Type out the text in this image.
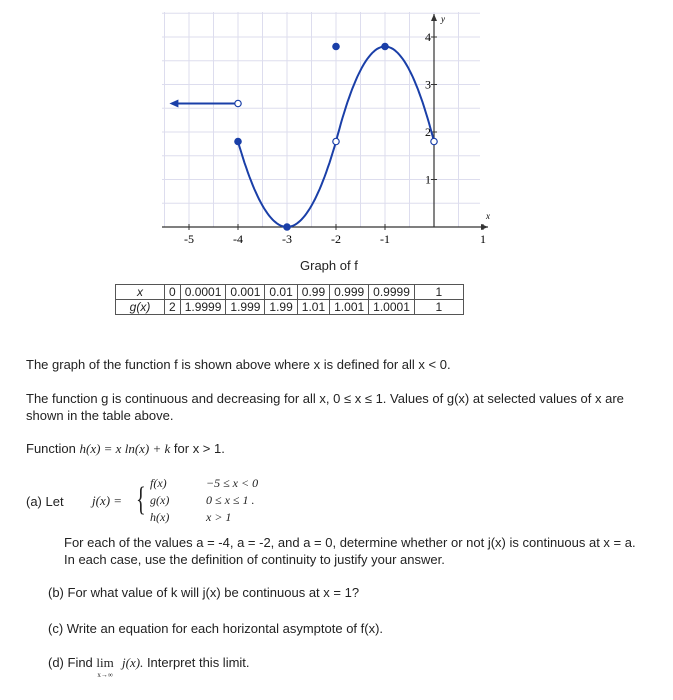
-5	-4	-3	-2	-1	1
1
2
3
4
x
y
Graph of f
x	0	0.0001	0.001	0.01	0.99	0.999	0.9999	1
g(x)	2	1.9999	1.999	1.99	1.01	1.001	1.0001	1
The graph of the function f is shown above where x is defined for all x < 0.
The function g is continuous and decreasing for all x, 0 ≤ x ≤ 1. Values of g(x) at selected values of x are shown in the table above.
Function h(x) = x ln(x) + k for x > 1.
(a) Let	j(x) = { f(x)	−5 ≤ x < 0
g(x)	0 ≤ x ≤ 1 .
h(x)	x > 1
For each of the values a = -4, a = -2, and a = 0, determine whether or not j(x) is continuous at x = a. In each case, use the definition of continuity to justify your answer.
(b) For what value of k will j(x) be continuous at x = 1?
(c) Write an equation for each horizontal asymptote of f(x).
(d) Find lim
x→∞
j(x). Interpret this limit.
